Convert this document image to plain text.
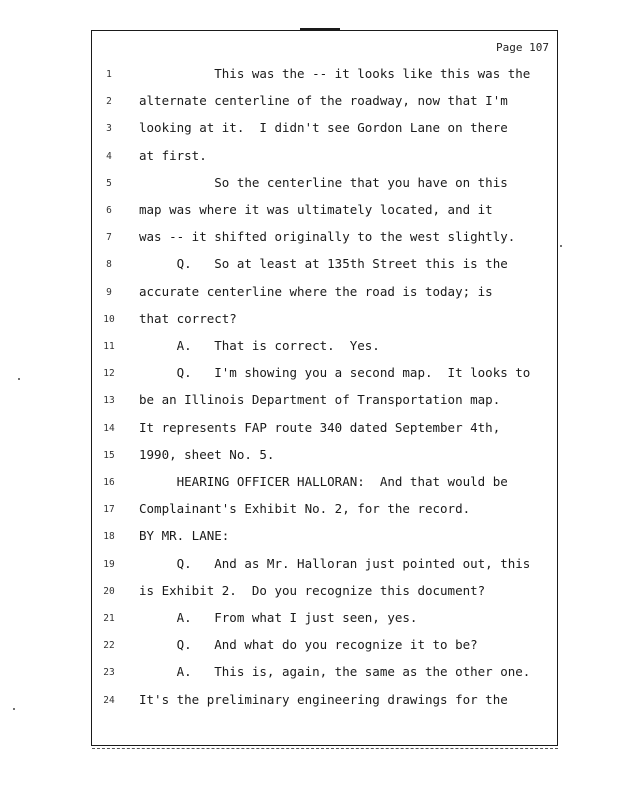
Page 107
1	This was the -- it looks like this was the
2	alternate centerline of the roadway, now that I'm
3	looking at it.  I didn't see Gordon Lane on there
4	at first.
5	So the centerline that you have on this
6	map was where it was ultimately located, and it
7	was -- it shifted originally to the west slightly.
8	Q.   So at least at 135th Street this is the
9	accurate centerline where the road is today; is
10 that correct?
11 A.   That is correct.  Yes.
12 Q.   I'm showing you a second map.  It looks to
13 be an Illinois Department of Transportation map.
14 It represents FAP route 340 dated September 4th,
15 1990, sheet No. 5.
16 HEARING OFFICER HALLORAN:  And that would be
17 Complainant's Exhibit No. 2, for the record.
18 BY MR. LANE:
19 Q.   And as Mr. Halloran just pointed out, this
20 is Exhibit 2.  Do you recognize this document?
21 A.   From what I just seen, yes.
22 Q.   And what do you recognize it to be?
23 A.   This is, again, the same as the other one.
24 It's the preliminary engineering drawings for the
